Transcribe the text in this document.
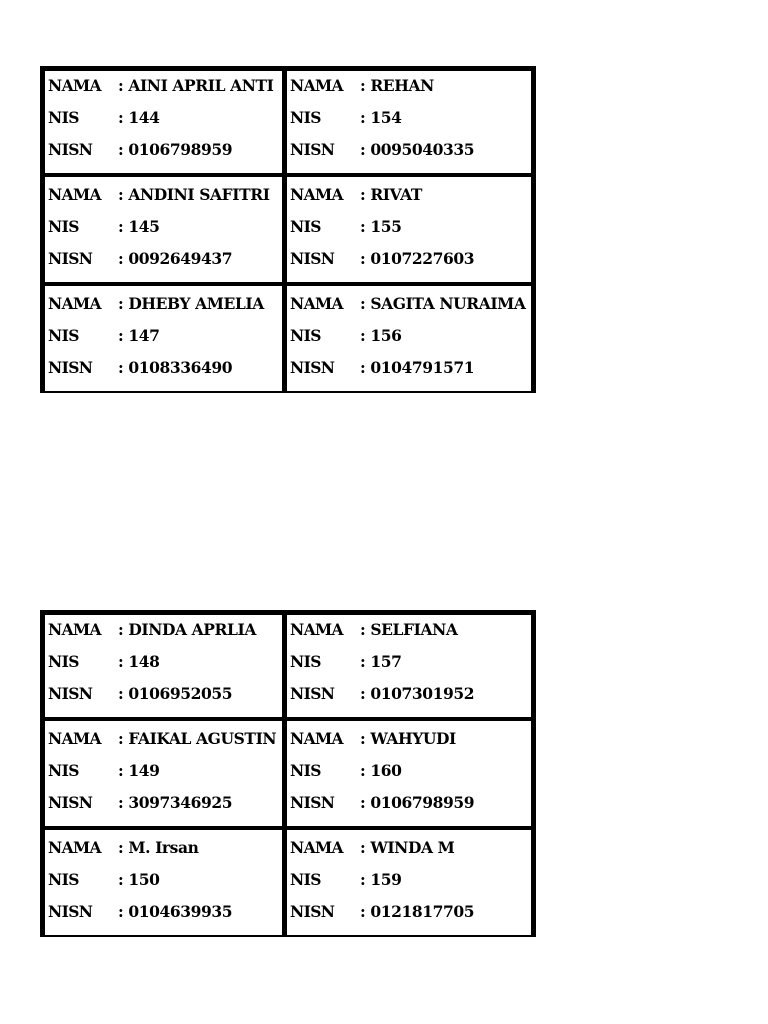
NAMA : AINI APRIL ANTI
NIS	: 144
NISN : 0106798959
NAMA : REHAN
NIS	: 154
NISN : 0095040335
NAMA : ANDINI SAFITRI
NIS	: 145
NISN : 0092649437
NAMA : RIVAT
NIS	: 155
NISN : 0107227603
NAMA : DHEBY AMELIA
NIS	: 147
NISN : 0108336490
NAMA : SAGITA NURAIMA
NIS	: 156
NISN : 0104791571
NAMA : DINDA APRLIA
NIS	: 148
NISN : 0106952055
NAMA : SELFIANA
NIS	: 157
NISN : 0107301952
NAMA : FAIKAL AGUSTIN
NIS	: 149
NISN : 3097346925
NAMA : WAHYUDI
NIS	: 160
NISN : 0106798959
NAMA : M. Irsan
NIS	: 150
NISN : 0104639935
NAMA : WINDA M
NIS	: 159
NISN : 0121817705
